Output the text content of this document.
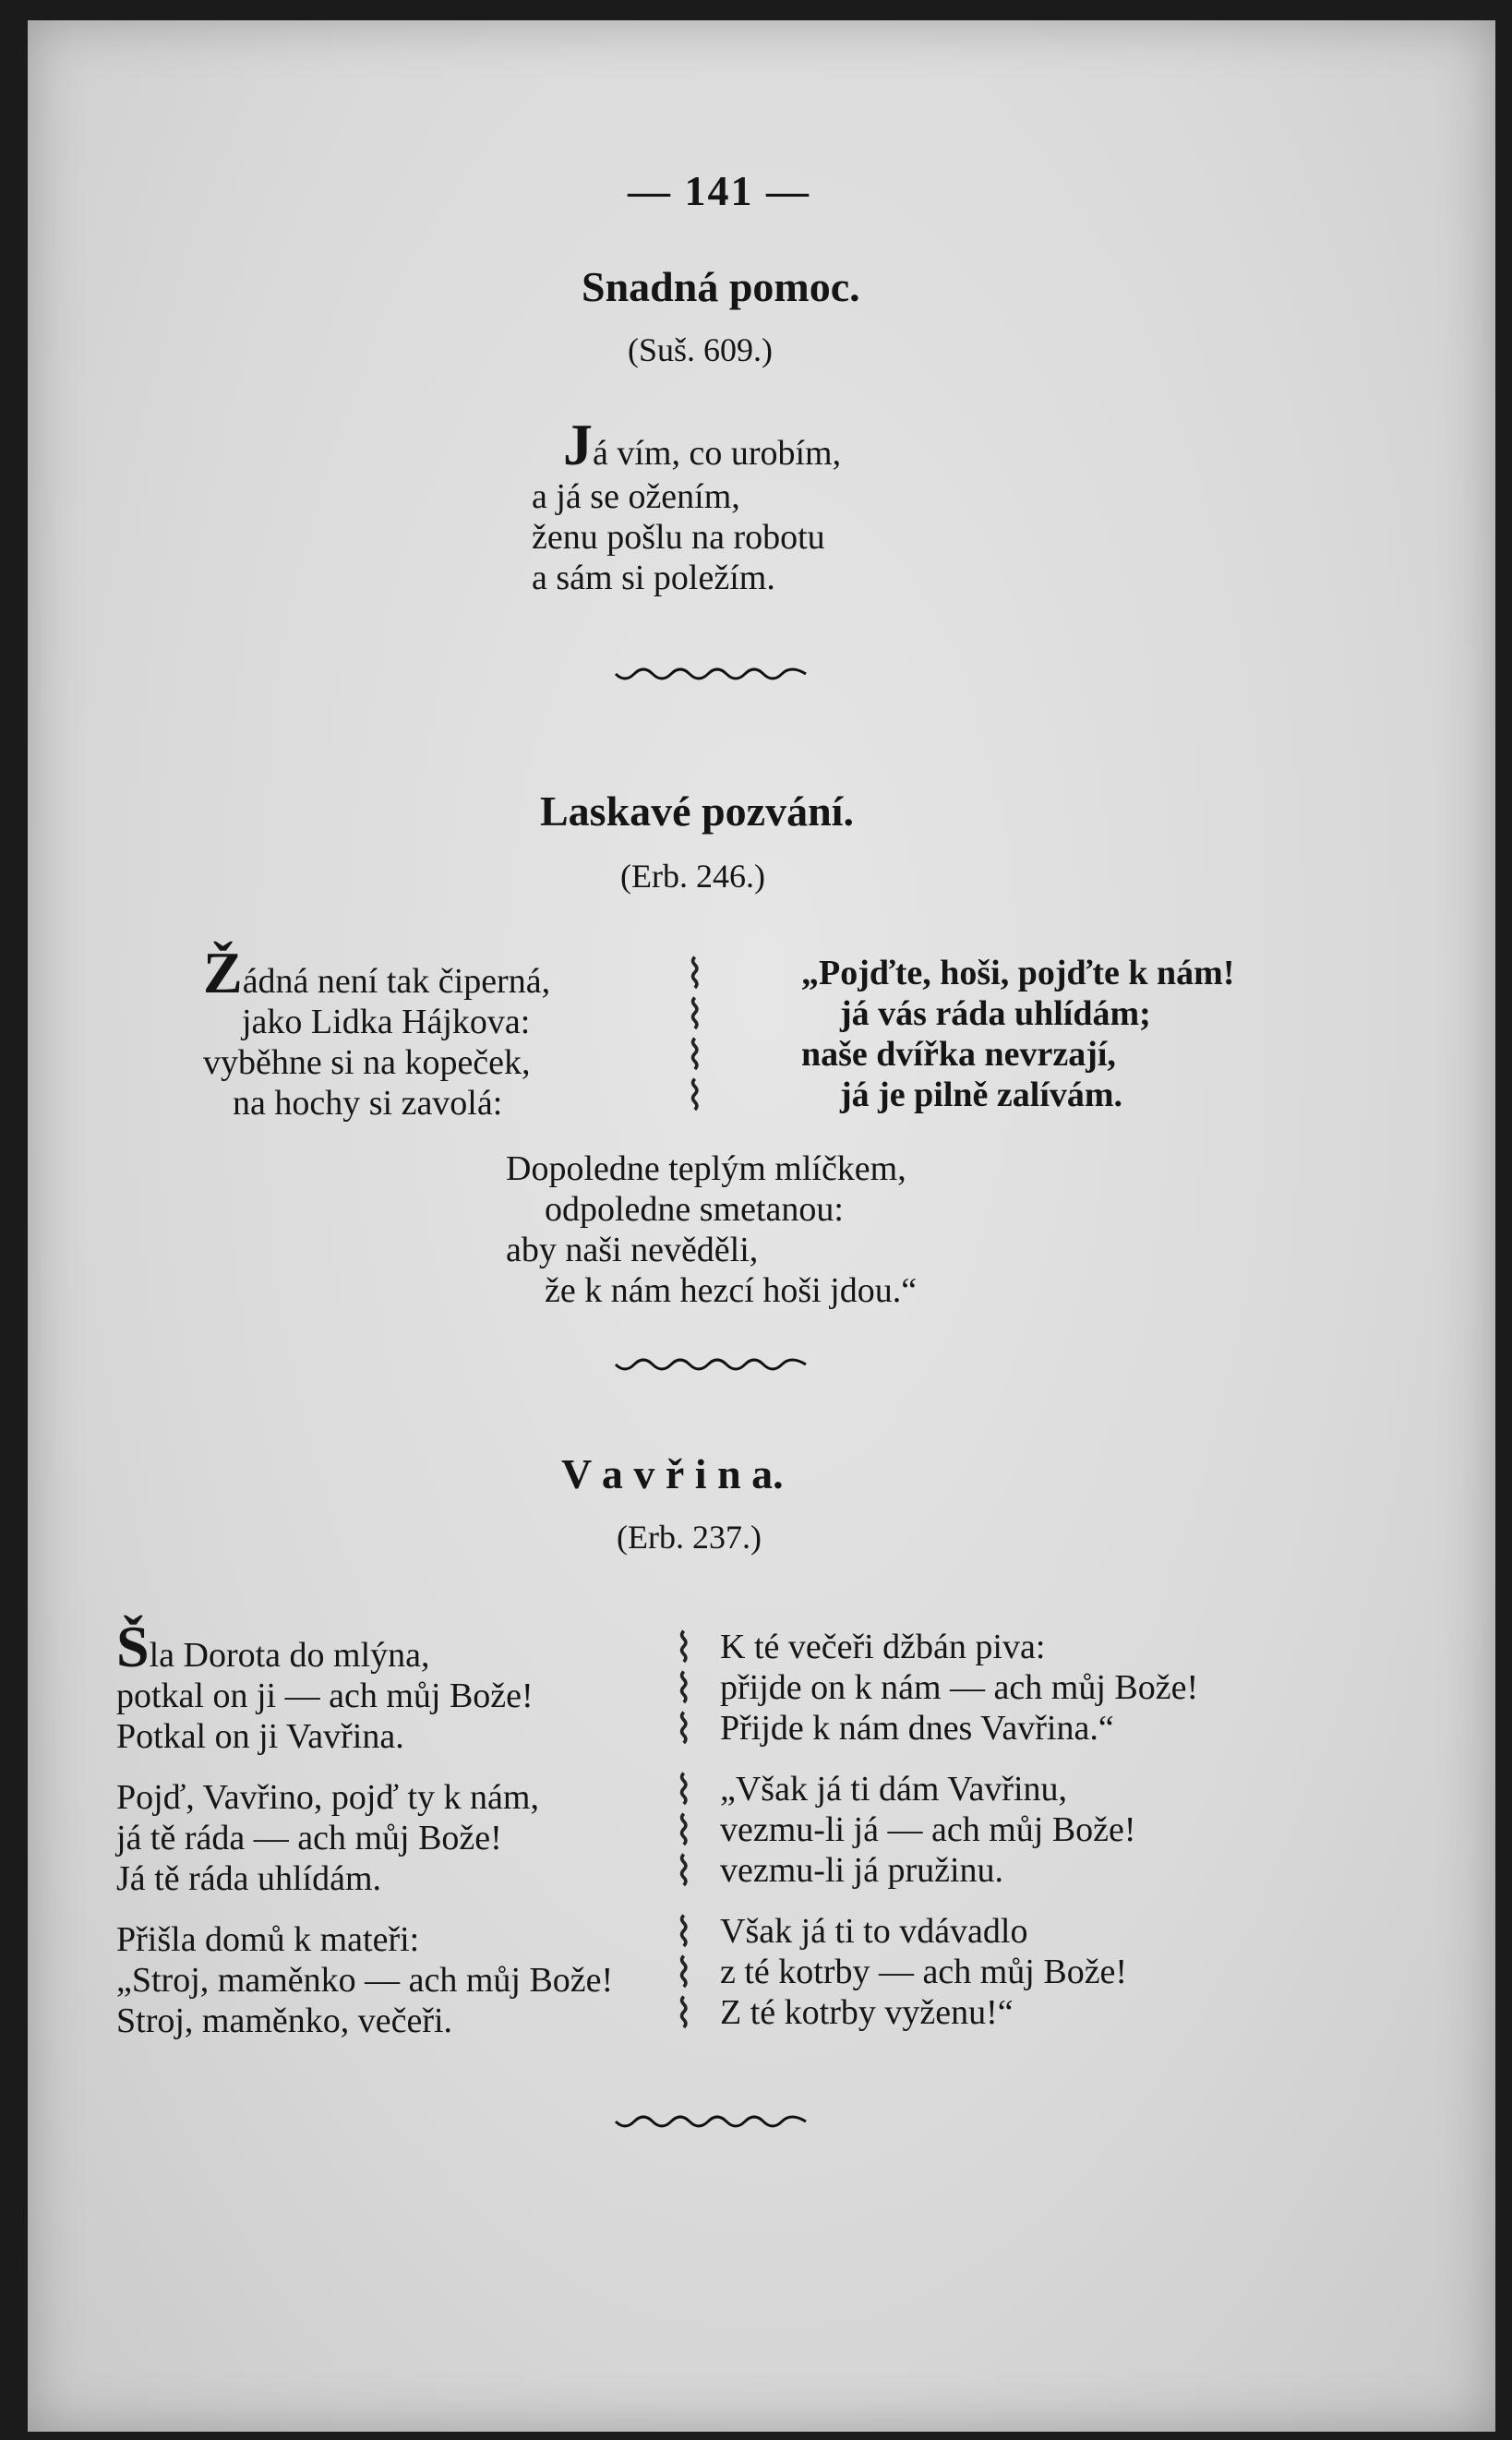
— 141 —
Snadná pomoc.
(Suš. 609.)
Já vím, co urobím,
a já se ožením,
ženu pošlu na robotu
a sám si poležím.
Laskavé pozvání.
(Erb. 246.)
Žádná není tak čiperná,
jako Lidka Hájkova:
vyběhne si na kopeček,
na hochy si zavolá:
⌇
⌇
⌇
⌇
„Pojďte, hoši, pojďte k n͏ám!
já vás ráda uhlídám;
naše dvířka nevrzají,
já je pilně zalívám.
Dopoledne teplým mlíčkem,
odpoledne smetanou:
aby naši nevěděli,
že k nám hezcí hoši jdou.“
V a v ř i n a.
(Erb. 237.)
Šla Dorota do mlýna,
potkal on ji — ach můj Bože!
Potkal on ji Vavřina.
Pojď, Vavřino, pojď ty k nám,
já tě ráda — ach můj Bože!
Já tě ráda uhlídám.
Přišla domů k mateři:
„Stroj, maměnko — ach můj Bože!
Stroj, maměnko, večeři.
⌇
⌇
⌇
⌇
⌇
⌇
⌇
⌇
⌇
K té večeři džbán piva:
přijde on k nám — ach můj Bože!
Přijde k nám dnes Vavřina.“
„Však já ti dám Vavřinu,
vezmu-li já — ach můj Bože!
vezmu-li já pružinu.
Však já ti to vdávadlo
z té kotrby — ach můj Bože!
Z té kotrby vyženu!“
